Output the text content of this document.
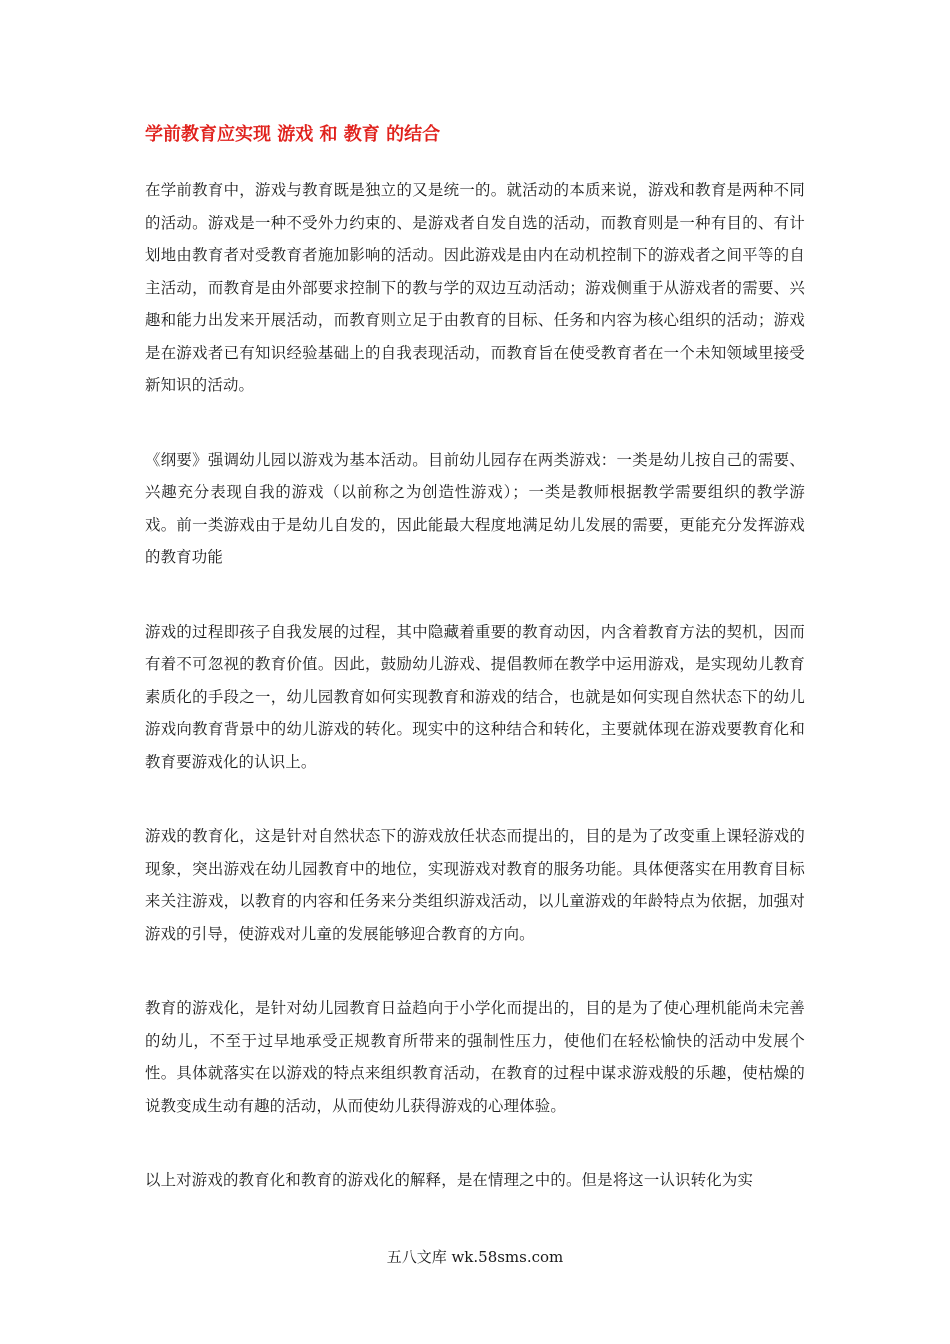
学前教育应实现 游戏 和 教育 的结合

在学前教育中，游戏与教育既是独立的又是统一的。就活动的本质来说，游戏和教育是两种不同的活动。游戏是一种不受外力约束的、是游戏者自发自选的活动，而教育则是一种有目的、有计划地由教育者对受教育者施加影响的活动。因此游戏是由内在动机控制下的游戏者之间平等的自主活动，而教育是由外部要求控制下的教与学的双边互动活动；游戏侧重于从游戏者的需要、兴趣和能力出发来开展活动，而教育则立足于由教育的目标、任务和内容为核心组织的活动；游戏是在游戏者已有知识经验基础上的自我表现活动，而教育旨在使受教育者在一个未知领域里接受新知识的活动。

《纲要》强调幼儿园以游戏为基本活动。目前幼儿园存在两类游戏：一类是幼儿按自己的需要、兴趣充分表现自我的游戏（以前称之为创造性游戏）；一类是教师根据教学需要组织的教学游戏。前一类游戏由于是幼儿自发的，因此能最大程度地满足幼儿发展的需要，更能充分发挥游戏的教育功能

游戏的过程即孩子自我发展的过程，其中隐藏着重要的教育动因，内含着教育方法的契机，因而有着不可忽视的教育价值。因此，鼓励幼儿游戏、提倡教师在教学中运用游戏，是实现幼儿教育素质化的手段之一，幼儿园教育如何实现教育和游戏的结合，也就是如何实现自然状态下的幼儿游戏向教育背景中的幼儿游戏的转化。现实中的这种结合和转化，主要就体现在游戏要教育化和教育要游戏化的认识上。

游戏的教育化，这是针对自然状态下的游戏放任状态而提出的，目的是为了改变重上课轻游戏的现象，突出游戏在幼儿园教育中的地位，实现游戏对教育的服务功能。具体便落实在用教育目标来关注游戏，以教育的内容和任务来分类组织游戏活动，以儿童游戏的年龄特点为依据，加强对游戏的引导，使游戏对儿童的发展能够迎合教育的方向。

教育的游戏化，是针对幼儿园教育日益趋向于小学化而提出的，目的是为了使心理机能尚未完善的幼儿，不至于过早地承受正规教育所带来的强制性压力，使他们在轻松愉快的活动中发展个性。具体就落实在以游戏的特点来组织教育活动，在教育的过程中谋求游戏般的乐趣，使枯燥的说教变成生动有趣的活动，从而使幼儿获得游戏的心理体验。

以上对游戏的教育化和教育的游戏化的解释，是在情理之中的。但是将这一认识转化为实

五八文库 wk.58sms.com
